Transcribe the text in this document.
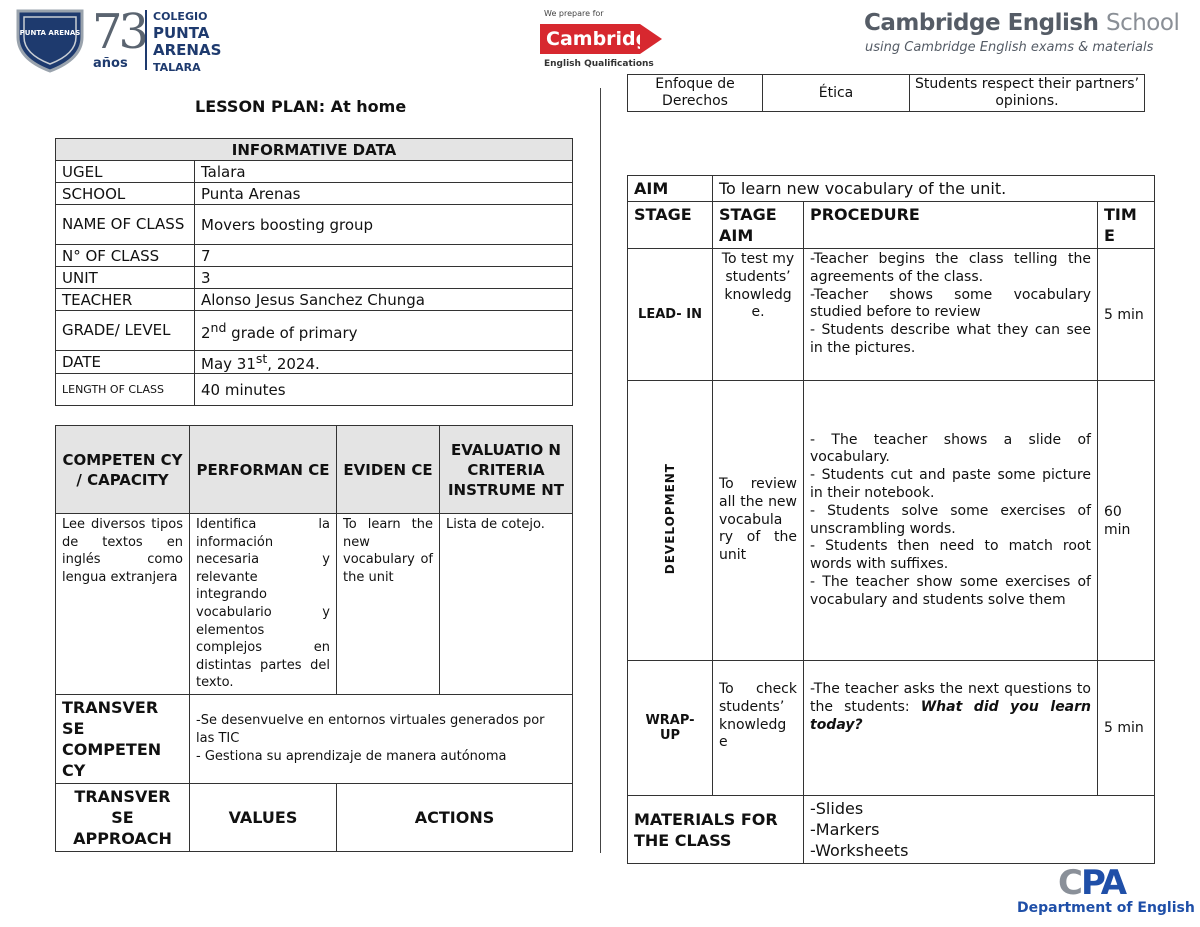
PUNTA ARENAS 73
años
COLEGIO
PUNTA
ARENAS
TALARA
We prepare for
Cambridge
English Qualifications
Cambridge English School
using Cambridge English exams & materials
LESSON PLAN: At home
INFORMATIVE DATA	
UGEL	Talara
SCHOOL	Punta Arenas
NAME OF CLASS	Movers boosting group
N° OF CLASS	7
UNIT	3
TEACHER	Alonso Jesus Sanchez Chunga
GRADE/ LEVEL	2nd grade of primary
DATE	May 31st, 2024.
LENGTH OF CLASS	40 minutes
COMPETEN CY / CAPACITY	PERFORMAN CE	EVIDEN CE	EVALUATIO N CRITERIA INSTRUME NT
Lee diversos tipos de textos en inglés como lengua extranjera	Identifica la información necesaria y relevante integrando vocabulario y elementos complejos en distintas partes del texto.	To learn the new vocabulary of the unit	Lista de cotejo.
TRANSVER SE COMPETEN CY	-Se desenvuelve en entornos virtuales generados por las TIC
- Gestiona su aprendizaje de manera autónoma		

TRANSVER SE APPROACH	VALUES	ACTIONS	
Enfoque de Derechos	Ética	Students respect their partners’ opinions.
AIM	To learn new vocabulary of the unit.		
STAGE	STAGE AIM	PROCEDURE	TIM E
LEAD- IN	To test my students’ knowledg e.	-Teacher begins the class telling the agreements of the class.
-Teacher shows some vocabulary studied before to review
- Students describe what they can see in the pictures.	5 min
DEVELOPMENT	To review all the new vocabula ry of the unit	- The teacher shows a slide of vocabulary.
- Students cut and paste some picture in their notebook.
- Students solve some exercises of unscrambling words.
- Students then need to match root words with suffixes.
- The teacher show some exercises of vocabulary and students solve them	60 min
WRAP- UP	To check students’ knowledg e	-The teacher asks the next questions to the students: What did you learn today?	5 min
MATERIALS FOR THE CLASS		-Slides
-Markers
-Worksheets	
CPA
Department of English
